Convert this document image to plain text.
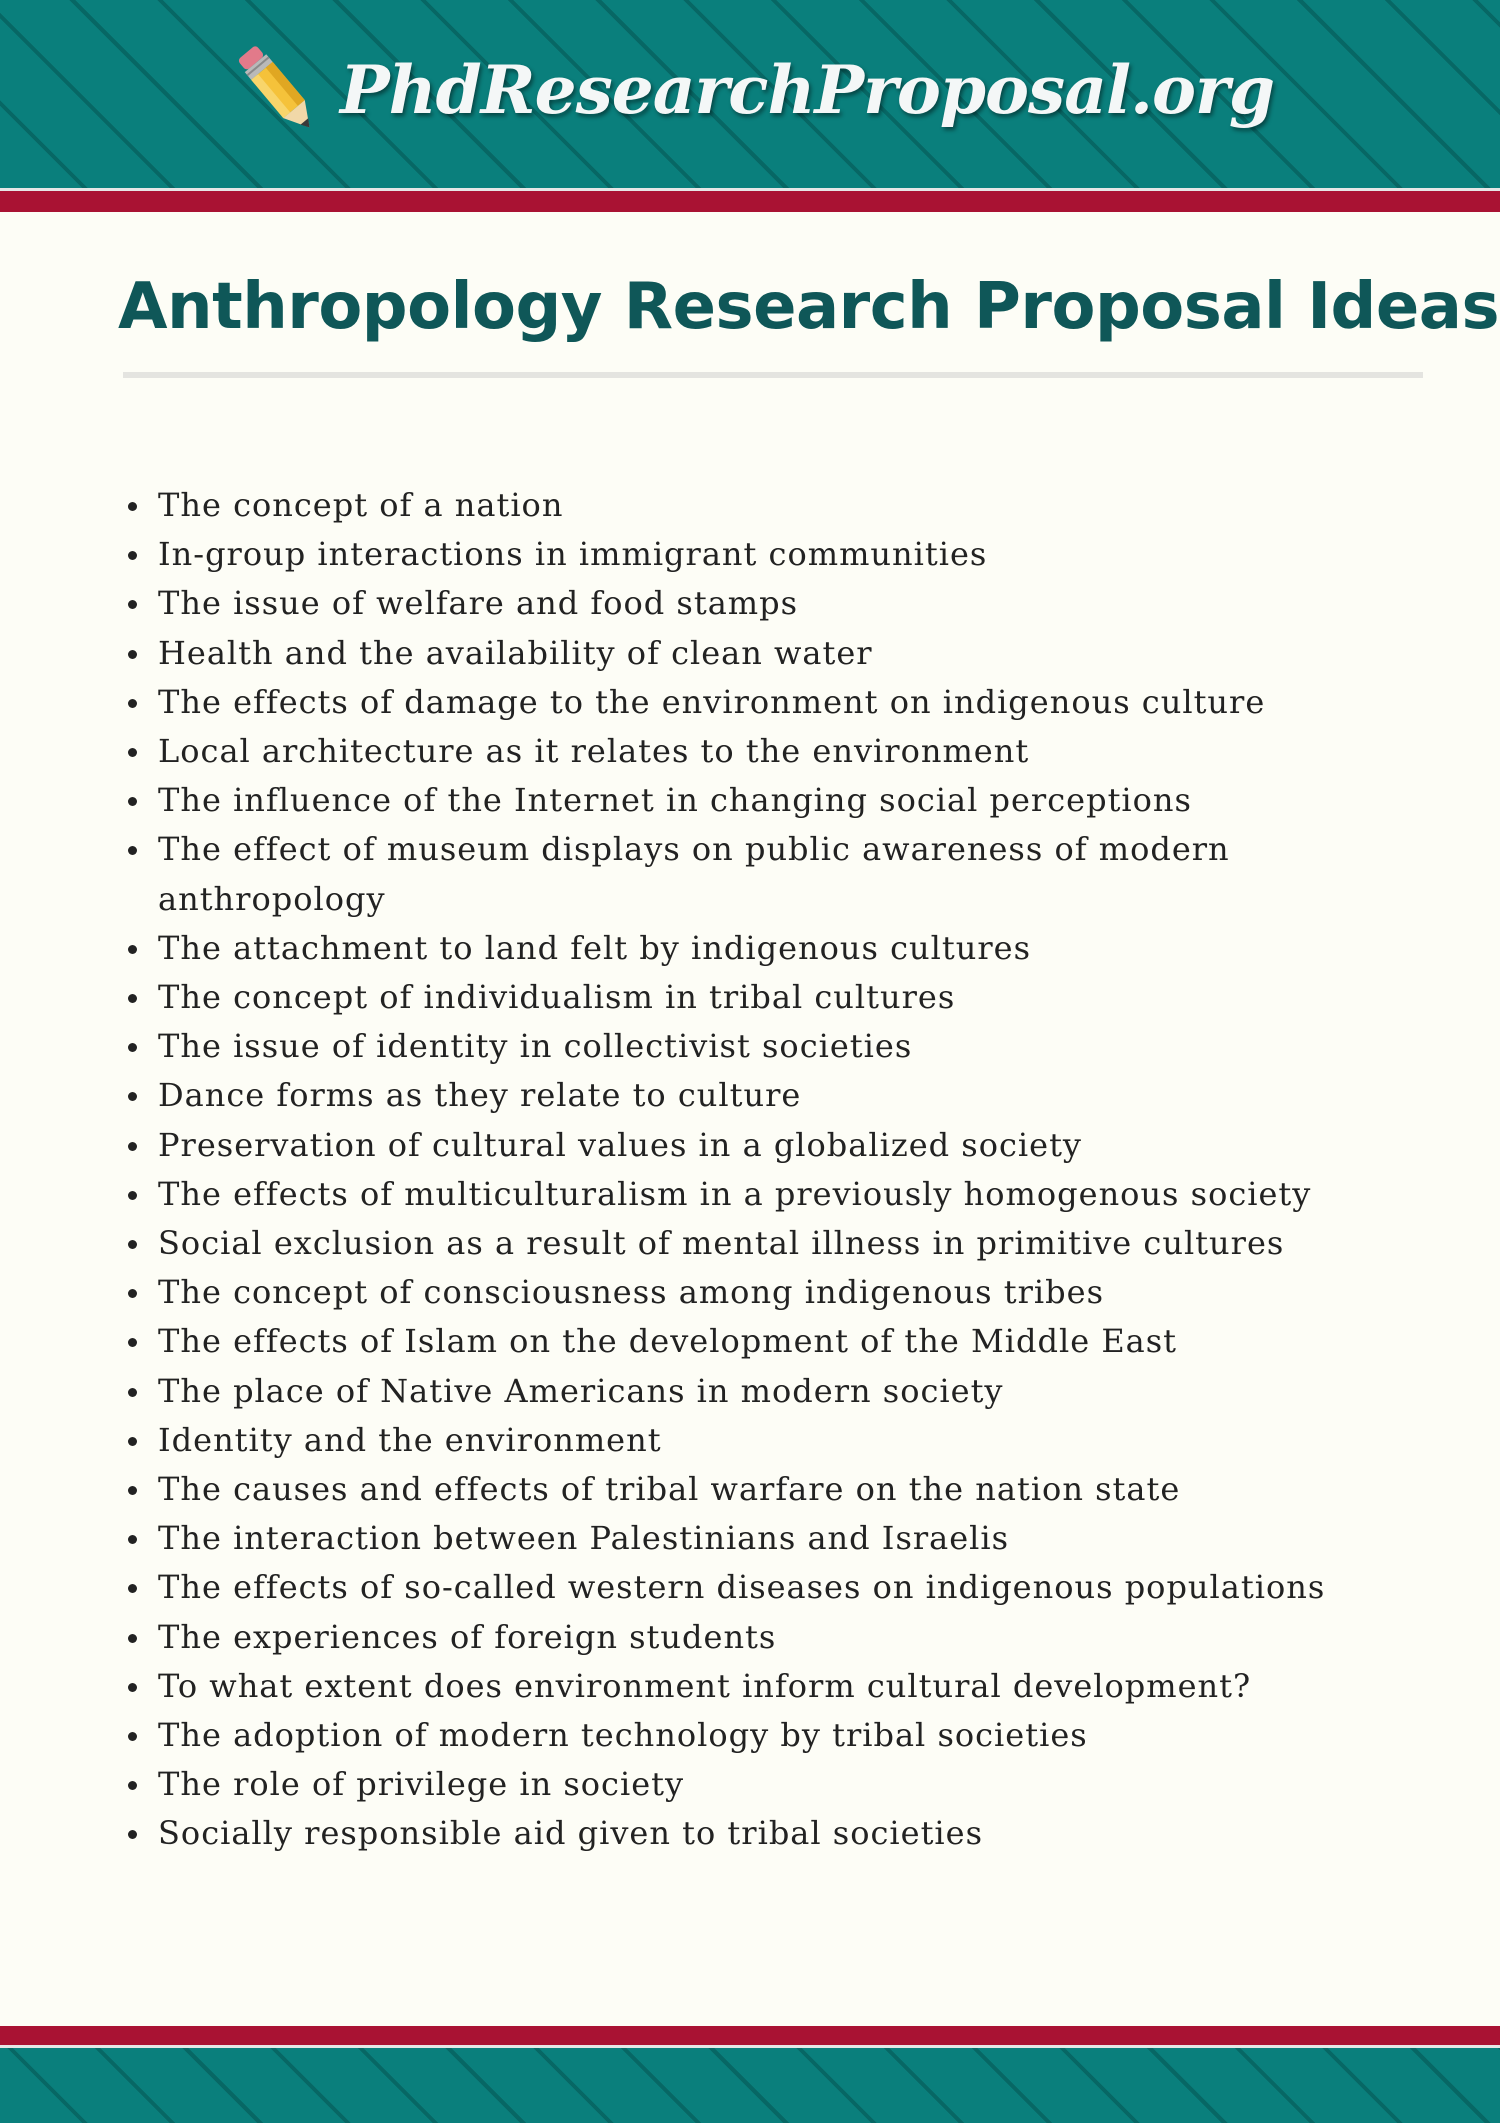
PhdResearchProposal.org
Anthropology Research Proposal Ideas
The concept of a nation
In-group interactions in immigrant communities
The issue of welfare and food stamps
Health and the availability of clean water
The effects of damage to the environment on indigenous culture
Local architecture as it relates to the environment
The influence of the Internet in changing social perceptions
The effect of museum displays on public awareness of modern anthropology
The attachment to land felt by indigenous cultures
The concept of individualism in tribal cultures
The issue of identity in collectivist societies
Dance forms as they relate to culture
Preservation of cultural values in a globalized society
The effects of multiculturalism in a previously homogenous society
Social exclusion as a result of mental illness in primitive cultures
The concept of consciousness among indigenous tribes
The effects of Islam on the development of the Middle East
The place of Native Americans in modern society
Identity and the environment
The causes and effects of tribal warfare on the nation state
The interaction between Palestinians and Israelis
The effects of so-called western diseases on indigenous populations
The experiences of foreign students
To what extent does environment inform cultural development?
The adoption of modern technology by tribal societies
The role of privilege in society
Socially responsible aid given to tribal societies
